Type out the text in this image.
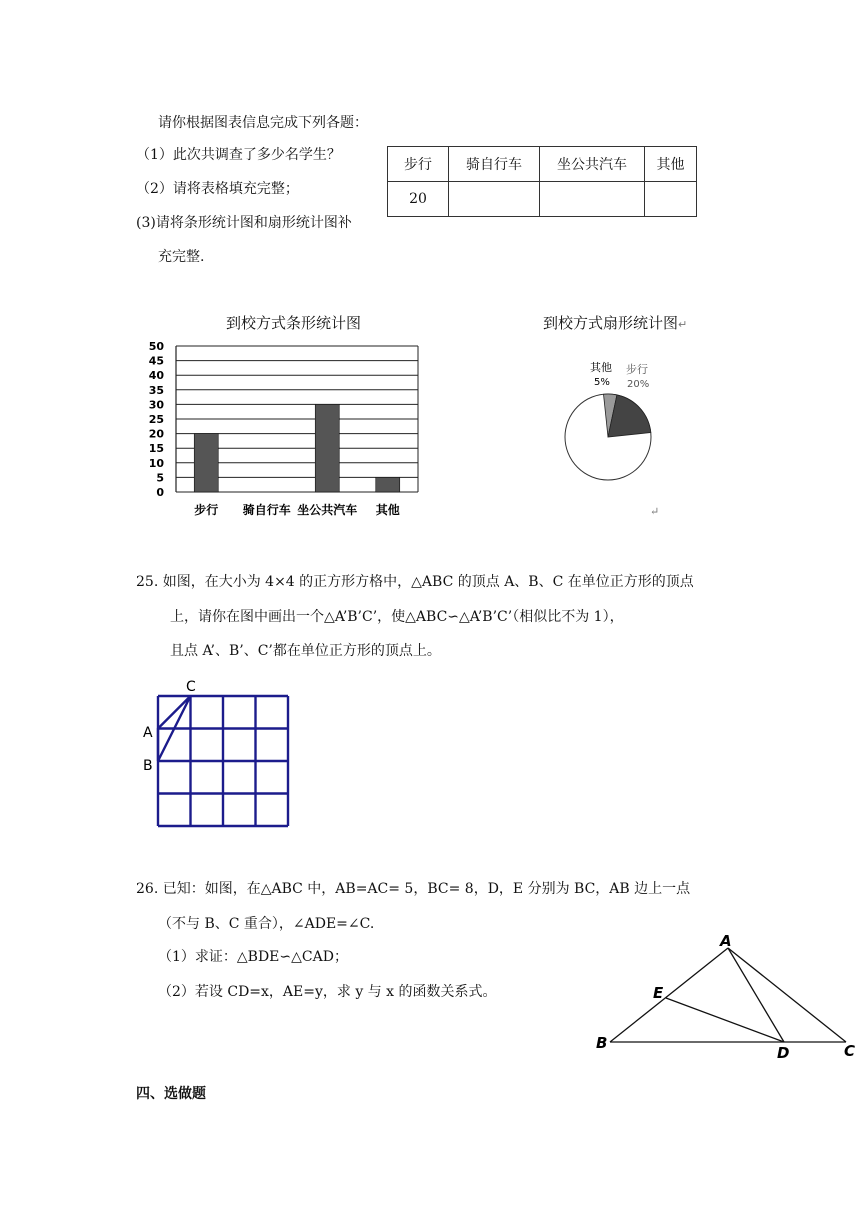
请你根据图表信息完成下列各题：
（1）此次共调查了多少名学生？
（2）请将表格填充完整；
(3)请将条形统计图和扇形统计图补
充完整.
步行	骑自行车	坐公共汽车	其他
20			
到校方式条形统计图
0
5
10
15
20
25
30
35
40
45
50
步行 骑自行车 坐公共汽车 其他
到校方式扇形统计图↵
其他
5%
步行
20%
↵
25. 如图，在大小为 4×4 的正方形方格中，△ABC 的顶点 A、B、C 在单位正方形的顶点
上，请你在图中画出一个△A’B’C’，使△ABC∽△A’B’C’（相似比不为 1），
且点 A’、B’、C’都在单位正方形的顶点上。
A
B
C
26. 已知：如图，在△ABC 中，AB=AC= 5，BC= 8，D，E 分别为 BC，AB 边上一点
（不与 B、C 重合），∠ADE=∠C.
（1）求证：△BDE∽△CAD；
（2）若设 CD=x，AE=y，求 y 与 x 的函数关系式。
A
B	C
D
E
四、选做题
